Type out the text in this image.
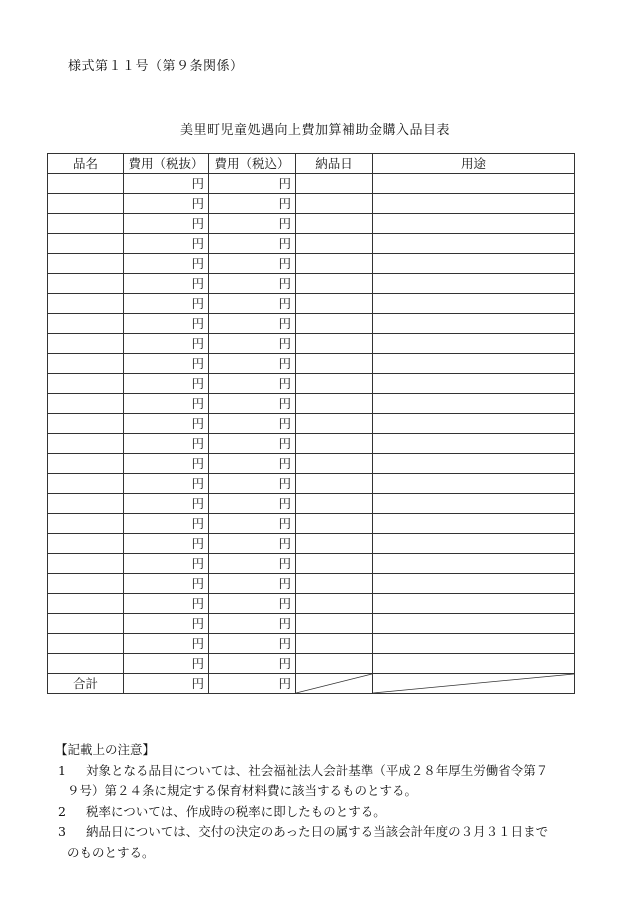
様式第１１号（第９条関係）
美里町児童処遇向上費加算補助金購入品目表
品名	費用（税抜）	費用（税込）	納品日	用途
	円	円		
	円	円		
	円	円		
	円	円		
	円	円		
	円	円		
	円	円		
	円	円		
	円	円		
	円	円		
	円	円		
	円	円		
	円	円		
	円	円		
	円	円		
	円	円		
	円	円		
	円	円		
	円	円		
	円	円		
	円	円		
	円	円		
	円	円		
	円	円		
	円	円		
合計	円	円	

【記載上の注意】
1	対象となる品目については、社会福祉法人会計基準（平成２８年厚生労働省令第７
９号）第２４条に規定する保育材料費に該当するものとする。
2	税率については、作成時の税率に即したものとする。
3	納品日については、交付の決定のあった日の属する当該会計年度の３月３１日まで
のものとする。
